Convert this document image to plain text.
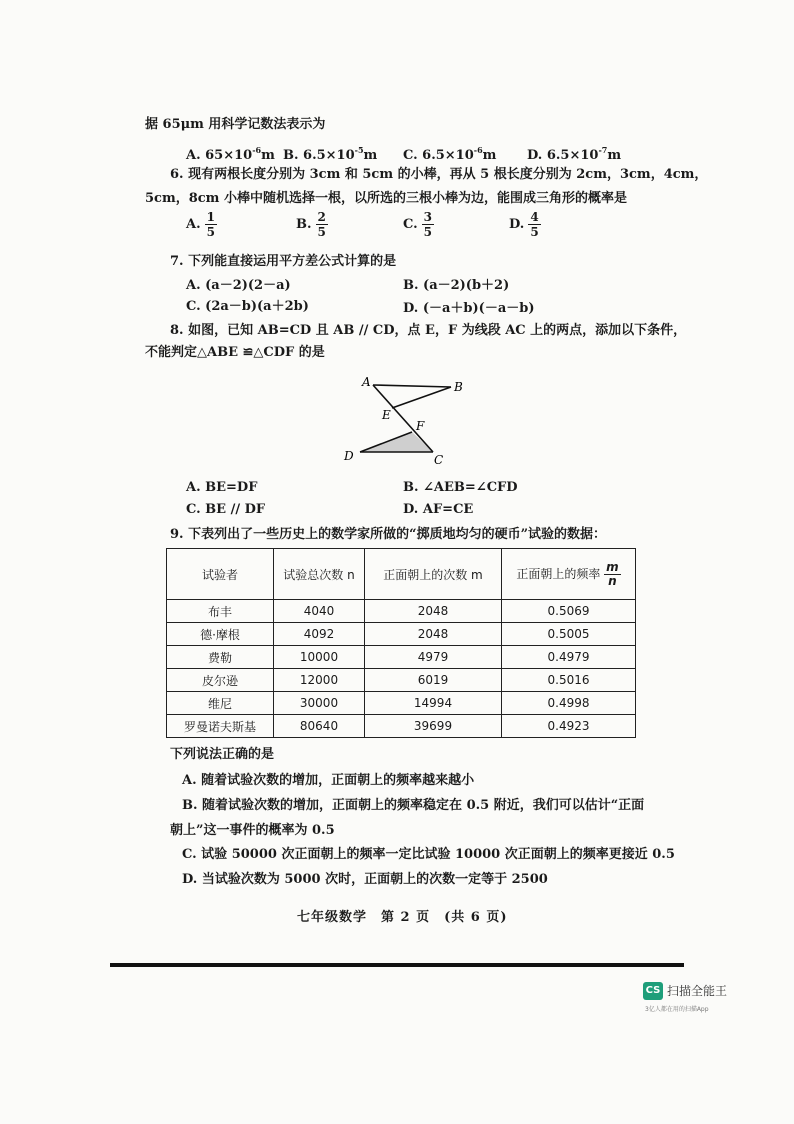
据 65μm 用科学记数法表示为
A. $65\times 10^{-6}m$ B. $6.5\times 10^{-5}m$ C. $6.5\times 10^{-6}m$ D. $6.5\times 10^{-7}m$
6. 现有两根长度分别为 3cm 和 5cm 的小棒，再从 5 根长度分别为 2cm，3cm，4cm，
5cm，8cm 小棒中随机选择一根，以所选的三根小棒为边，能围成三角形的概率是
A. $\frac{1}{5}$	B. $\frac{2}{5}$	C. $\frac{3}{5}$	D. $\frac{4}{5}$
7. 下列能直接运用平方差公式计算的是
A. (a－2)(2－a)	B. (a－2)(b＋2)
C. (2a－b)(a＋2b)	D. (－a＋b)(－a－b)
8. 如图，已知 AB=CD 且 AB // CD，点 E，F 为线段 AC 上的两点，添加以下条件，
不能判定△ABE ≌△CDF 的是
A	B
E
F
D	C
A. BE=DF	B. ∠AEB=∠CFD
C. BE // DF	D. AF=CE
9. 下表列出了一些历史上的数学家所做的“掷质地均匀的硬币”试验的数据：
试验者	试验总次数 n	正面朝上的次数 m	正面朝上的频率 $\frac{m}{n}$

布丰	4040	2048	0.5069
德·摩根	4092	2048	0.5005
费勒	10000	4979	0.4979
皮尔逊	12000	6019	0.5016
维尼	30000	14994	0.4998
罗曼诺夫斯基	80640	39699	0.4923
下列说法正确的是
A. 随着试验次数的增加，正面朝上的频率越来越小
B. 随着试验次数的增加，正面朝上的频率稳定在 0.5 附近，我们可以估计“正面
朝上”这一事件的概率为 0.5
C. 试验 50000 次正面朝上的频率一定比试验 10000 次正面朝上的频率更接近 0.5
D. 当试验次数为 5000 次时，正面朝上的次数一定等于 2500
七年级数学　第 2 页　(共 6 页)
CS 扫描全能王
3亿人都在用的扫描App
